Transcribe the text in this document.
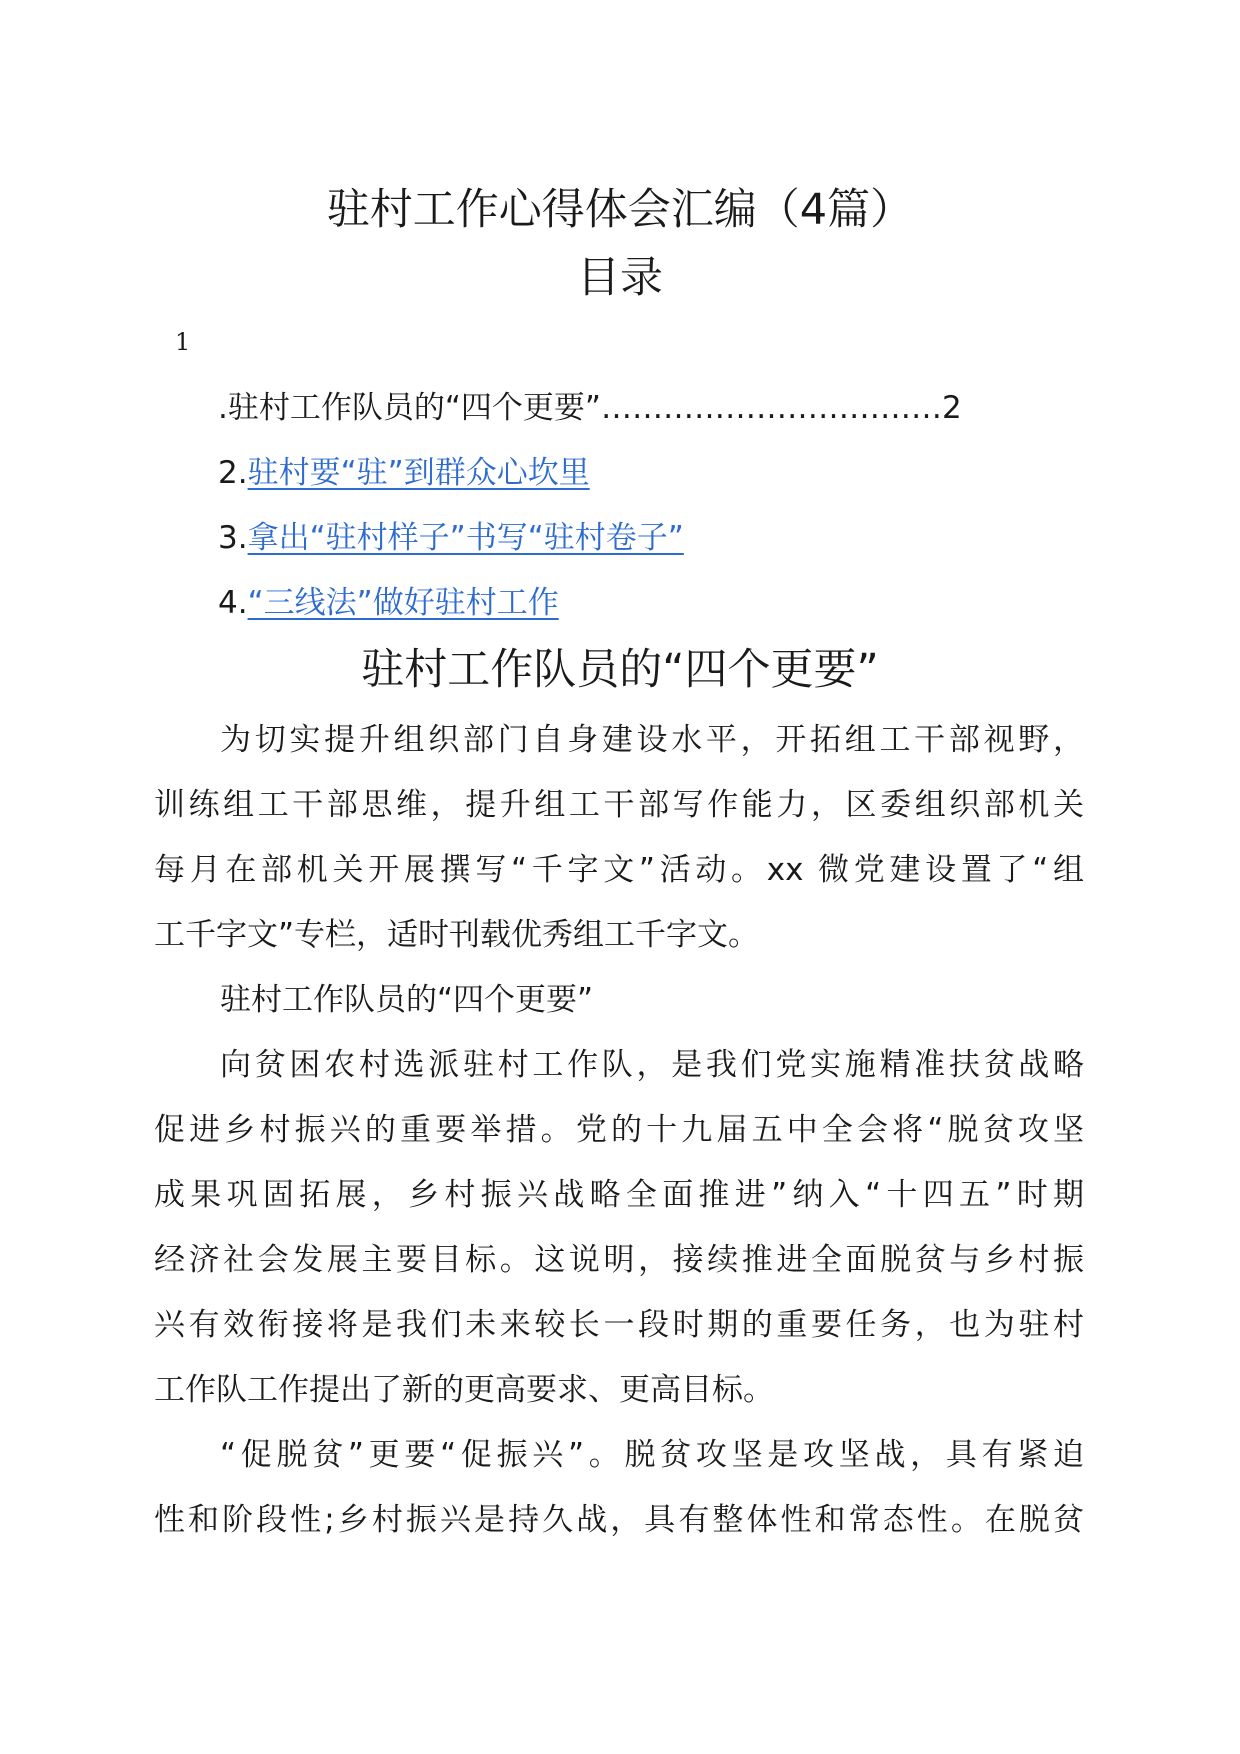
驻村工作心得体会汇编（4篇）
目录
1
.驻村工作队员的“四个更要”……………………………2
2.驻村要“驻”到群众心坎里
3.拿出“驻村样子”书写“驻村卷子”
4.“三线法”做好驻村工作
驻村工作队员的“四个更要”

为切实提升组织部门自身建设水平，开拓组工干部视野，

训练组工干部思维，提升组工干部写作能力，区委组织部机关

每月在部机关开展撰写“千字文”活动。xx 微党建设置了“组

工千字文”专栏，适时刊载优秀组工千字文。

驻村工作队员的“四个更要”

向贫困农村选派驻村工作队，是我们党实施精准扶贫战略

促进乡村振兴的重要举措。党的十九届五中全会将“脱贫攻坚

成果巩固拓展，乡村振兴战略全面推进”纳入“十四五”时期

经济社会发展主要目标。这说明，接续推进全面脱贫与乡村振

兴有效衔接将是我们未来较长一段时期的重要任务，也为驻村

工作队工作提出了新的更高要求、更高目标。

“促脱贫”更要“促振兴”。脱贫攻坚是攻坚战，具有紧迫

性和阶段性;乡村振兴是持久战，具有整体性和常态性。在脱贫
